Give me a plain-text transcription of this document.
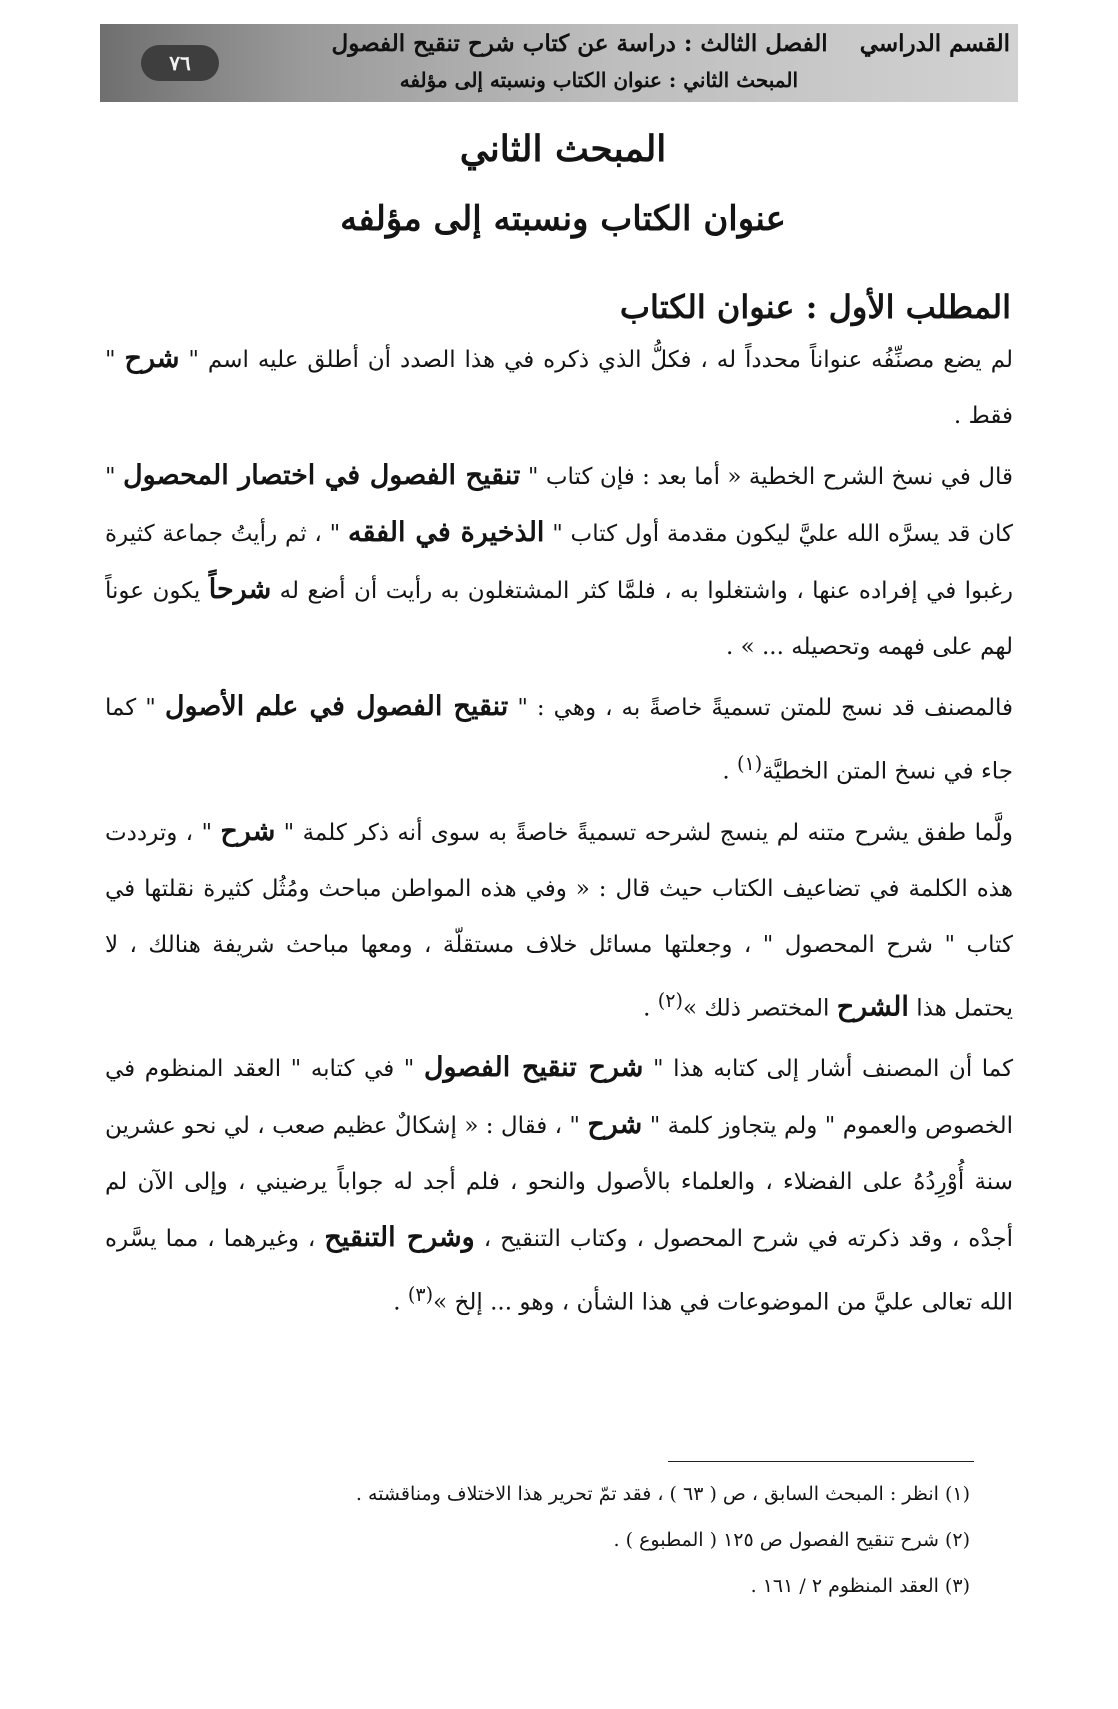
٧٦
القسم الدراسي    الفصل الثالث : دراسة عن كتاب شرح تنقيح الفصول
المبحث الثاني : عنوان الكتاب ونسبته إلى مؤلفه
المبحث الثاني
عنوان الكتاب ونسبته إلى مؤلفه
المطلب الأول : عنوان الكتاب

لم يضع مصنِّفُه عنواناً محدداً له ، فكلُّ الذي ذكره في هذا الصدد أن أطلق عليه اسم " شرح " فقط .

قال في نسخ الشرح الخطية « أما بعد : فإن كتاب " تنقيح الفصول في اختصار المحصول " كان قد يسرَّه الله عليَّ ليكون مقدمة أول كتاب " الذخيرة في الفقه " ، ثم رأيتُ جماعة كثيرة رغبوا في إفراده عنها ، واشتغلوا به ، فلمَّا كثر المشتغلون به رأيت أن أضع له شرحاً يكون عوناً لهم على فهمه وتحصيله ... » .

فالمصنف قد نسج للمتن تسميةً خاصةً به ، وهي : " تنقيح الفصول في علم الأصول " كما جاء في نسخ المتن الخطيَّة$^{(١)}$ .

ولَّما طفق يشرح متنه لم ينسج لشرحه تسميةً خاصةً به سوى أنه ذكر كلمة " شرح " ، وترددت هذه الكلمة في تضاعيف الكتاب حيث قال : « وفي هذه المواطن مباحث ومُثُل كثيرة نقلتها في كتاب " شرح المحصول " ، وجعلتها مسائل خلاف مستقلّة ، ومعها مباحث شريفة هنالك ، لا يحتمل هذا الشرح المختصر ذلك »$^{(٢)}$ .

كما أن المصنف أشار إلى كتابه هذا " شرح تنقيح الفصول " في كتابه " العقد المنظوم في الخصوص والعموم " ولم يتجاوز كلمة " شرح " ، فقال : « إشكالٌ عظيم صعب ، لي نحو عشرين سنة أُوْرِدُهُ على الفضلاء ، والعلماء بالأصول والنحو ، فلم أجد له جواباً يرضيني ، وإلى الآن لم أجدْه ، وقد ذكرته في شرح المحصول ، وكتاب التنقيح ، وشرح التنقيح ، وغيرهما ، مما يسَّره الله تعالى عليَّ من الموضوعات في هذا الشأن ، وهو ... إلخ »$^{(٣)}$ .

(١) انظر : المبحث السابق ، ص ( ٦٣ ) ، فقد تمّ تحرير هذا الاختلاف ومناقشته .
(٢) شرح تنقيح الفصول ص ١٢٥ ( المطبوع ) .
(٣) العقد المنظوم ٢ / ١٦١ .
